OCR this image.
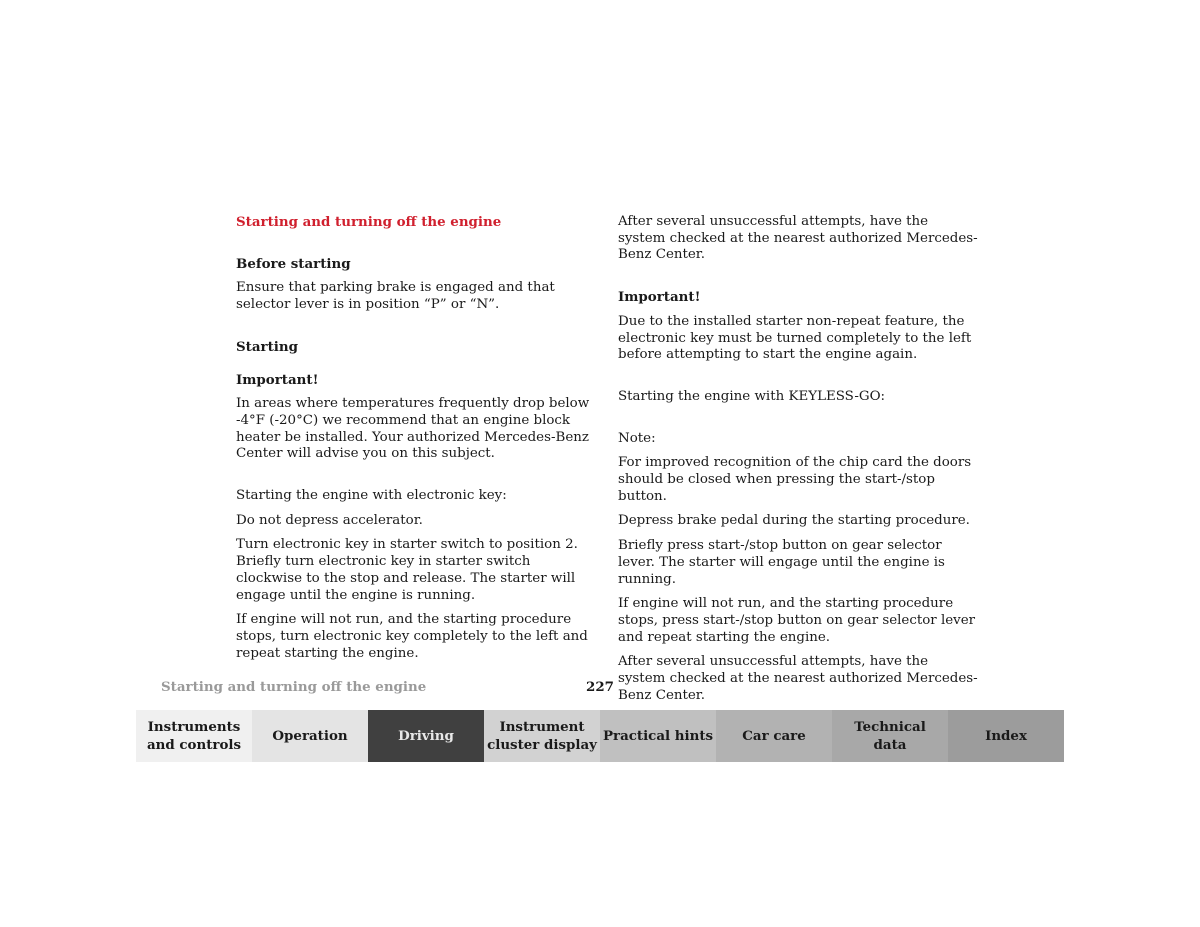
Starting and turning off the engine

Before starting

Ensure that parking brake is engaged and that selector lever is in position “P” or “N”.

Starting

Important!

In areas where temperatures frequently drop below -4°F (-20°C) we recommend that an engine block heater be installed. Your authorized Mercedes-Benz Center will advise you on this subject.

Starting the engine with electronic key:

Do not depress accelerator.

Turn electronic key in starter switch to position 2. Briefly turn electronic key in starter switch clockwise to the stop and release. The starter will engage until the engine is running.

If engine will not run, and the starting procedure stops, turn electronic key completely to the left and repeat starting the engine.

After several unsuccessful attempts, have the system checked at the nearest authorized Mercedes-Benz Center.

Important!

Due to the installed starter non-repeat feature, the electronic key must be turned completely to the left before attempting to start the engine again.

Starting the engine with KEYLESS-GO:

Note:

For improved recognition of the chip card the doors should be closed when pressing the start-/stop button.

Depress brake pedal during the starting procedure.

Briefly press start-/stop button on gear selector lever. The starter will engage until the engine is running.

If engine will not run, and the starting procedure stops, press start-/stop button on gear selector lever and repeat starting the engine.

After several unsuccessful attempts, have the system checked at the nearest authorized Mercedes-Benz Center.

Starting and turning off the engine	227
Instruments
and controls
Operation	Driving
Instrument
cluster display
Practical hints Car care
Technical
data
Index
